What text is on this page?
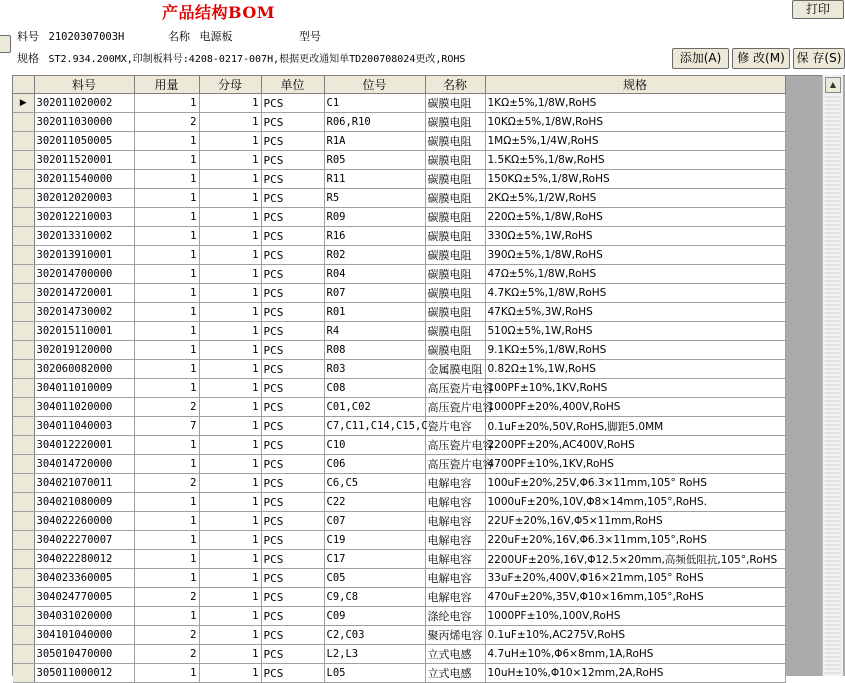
产品结构BOM	打印
料号 21020307003H	名称 电源板	型号
规格 ST2.934.200MX,印制板料号:4208-0217-007H,根据更改通知单TD200708024更改,ROHS	添加(A)	修 改(M) 保 存(S)
	料号	用量	分母	单位	位号	名称	规格
▶	302011020002	1	1	PCS	C1	碳膜电阻	1KΩ±5%,1/8W,RoHS
	302011030000	2	1	PCS	R06,R10	碳膜电阻	10KΩ±5%,1/8W,RoHS
	302011050005	1	1	PCS	R1A	碳膜电阻	1MΩ±5%,1/4W,RoHS
	302011520001	1	1	PCS	R05	碳膜电阻	1.5KΩ±5%,1/8w,RoHS
	302011540000	1	1	PCS	R11	碳膜电阻	150KΩ±5%,1/8W,RoHS
	302012020003	1	1	PCS	R5	碳膜电阻	2KΩ±5%,1/2W,RoHS
	302012210003	1	1	PCS	R09	碳膜电阻	220Ω±5%,1/8W,RoHS
	302013310002	1	1	PCS	R16	碳膜电阻	330Ω±5%,1W,RoHS
	302013910001	1	1	PCS	R02	碳膜电阻	390Ω±5%,1/8W,RoHS
	302014700000	1	1	PCS	R04	碳膜电阻	47Ω±5%,1/8W,RoHS
	302014720001	1	1	PCS	R07	碳膜电阻	4.7KΩ±5%,1/8W,RoHS
	302014730002	1	1	PCS	R01	碳膜电阻	47KΩ±5%,3W,RoHS
	302015110001	1	1	PCS	R4	碳膜电阻	510Ω±5%,1W,RoHS
	302019120000	1	1	PCS	R08	碳膜电阻	9.1KΩ±5%,1/8W,RoHS
	302060082000	1	1	PCS	R03	金属膜电阻	0.82Ω±1%,1W,RoHS
	304011010009	1	1	PCS	C08	高压瓷片电容	100PF±10%,1KV,RoHS
	304011020000	2	1	PCS	C01,C02	高压瓷片电容	1000PF±20%,400V,RoHS
	304011040003	7	1	PCS	C7,C11,C14,C15,C	瓷片电容	0.1uF±20%,50V,RoHS,脚距5.0MM
	304012220001	1	1	PCS	C10	高压瓷片电容	2200PF±20%,AC400V,RoHS
	304014720000	1	1	PCS	C06	高压瓷片电容	4700PF±10%,1KV,RoHS
	304021070011	2	1	PCS	C6,C5	电解电容	100uF±20%,25V,Φ6.3×11mm,105° RoHS
	304021080009	1	1	PCS	C22	电解电容	1000uF±20%,10V,Φ8×14mm,105°,RoHS.
	304022260000	1	1	PCS	C07	电解电容	22UF±20%,16V,Φ5×11mm,RoHS
	304022270007	1	1	PCS	C19	电解电容	220uF±20%,16V,Φ6.3×11mm,105°,RoHS
	304022280012	1	1	PCS	C17	电解电容	2200UF±20%,16V,Φ12.5×20mm,高频低阻抗,105°,RoHS
	304023360005	1	1	PCS	C05	电解电容	33uF±20%,400V,Φ16×21mm,105° RoHS
	304024770005	2	1	PCS	C9,C8	电解电容	470uF±20%,35V,Φ10×16mm,105°,RoHS
	304031020000	1	1	PCS	C09	涤纶电容	1000PF±10%,100V,RoHS
	304101040000	2	1	PCS	C2,C03	聚丙烯电容	0.1uF±10%,AC275V,RoHS
	305010470000	2	1	PCS	L2,L3	立式电感	4.7uH±10%,Φ6×8mm,1A,RoHS
	305011000012	1	1	PCS	L05	立式电感	10uH±10%,Φ10×12mm,2A,RoHS
▲
